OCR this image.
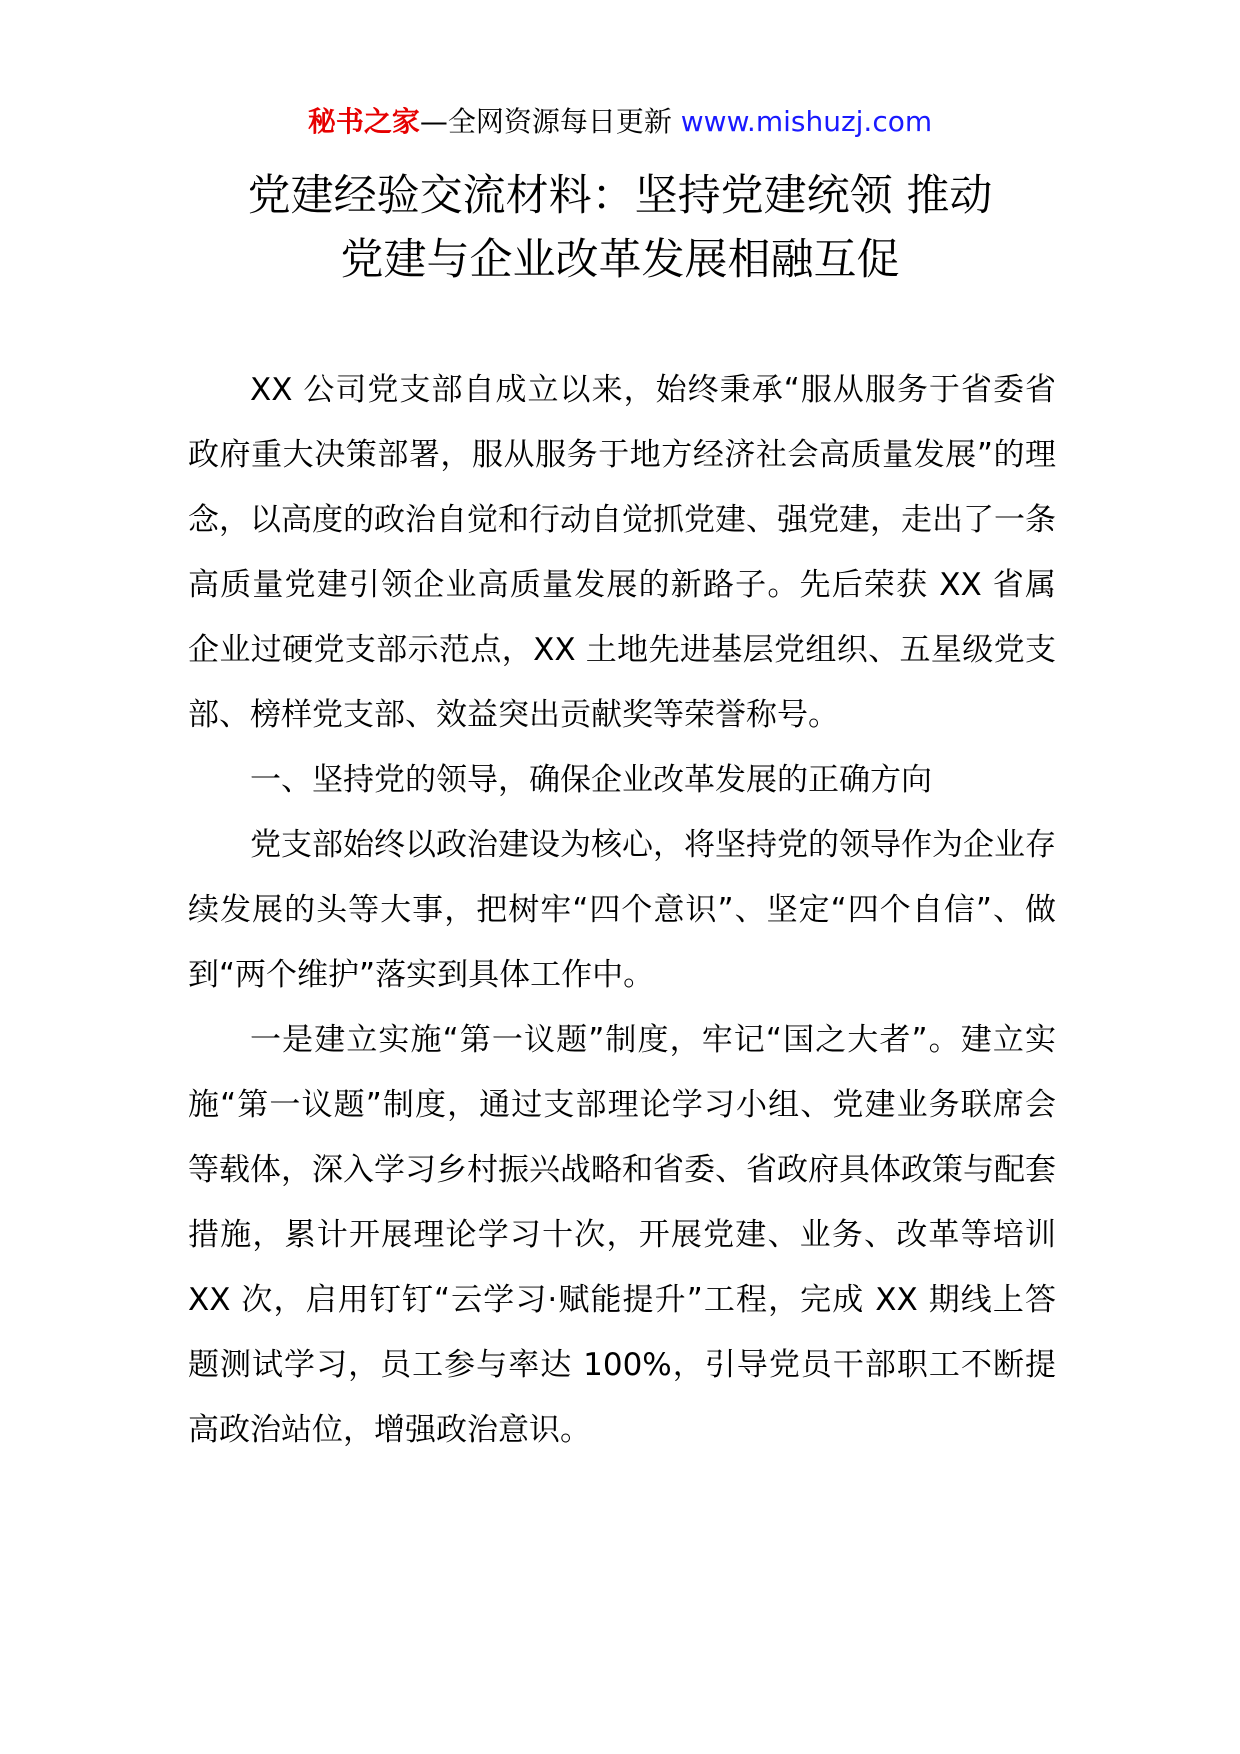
秘书之家—全网资源每日更新 www.mishuzj.com
党建经验交流材料：坚持党建统领 推动
党建与企业改革发展相融互促

XX 公司党支部自成立以来，始终秉承“服从服务于省委省政府重大决策部署，服从服务于地方经济社会高质量发展”的理念，以高度的政治自觉和行动自觉抓党建、强党建，走出了一条高质量党建引领企业高质量发展的新路子。先后荣获 XX 省属企业过硬党支部示范点，XX 土地先进基层党组织、五星级党支部、榜样党支部、效益突出贡献奖等荣誉称号。

一、坚持党的领导，确保企业改革发展的正确方向

党支部始终以政治建设为核心，将坚持党的领导作为企业存续发展的头等大事，把树牢“四个意识”、坚定“四个自信”、做到“两个维护”落实到具体工作中。

一是建立实施“第一议题”制度，牢记“国之大者”。建立实施“第一议题”制度，通过支部理论学习小组、党建业务联席会等载体，深入学习乡村振兴战略和省委、省政府具体政策与配套措施，累计开展理论学习十次，开展党建、业务、改革等培训 XX 次，启用钉钉“云学习·赋能提升”工程，完成 XX 期线上答题测试学习，员工参与率达 100%，引导党员干部职工不断提高政治站位，增强政治意识。
